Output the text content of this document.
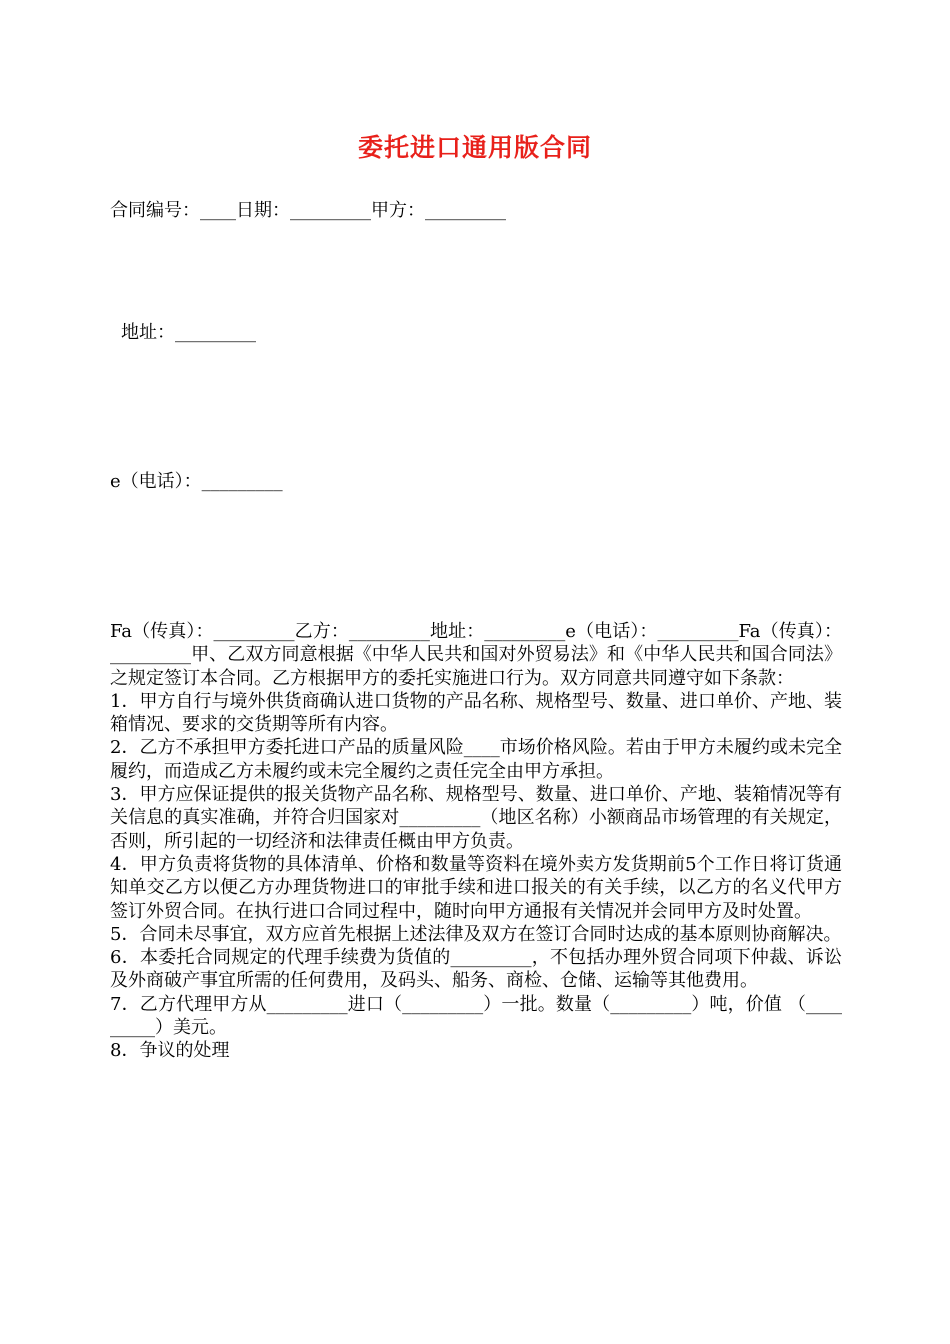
委托进口通用版合同
合同编号：____日期：_________甲方：_________
地址：_________
e（电话）：_________

Fa（传真）：_________乙方：_________地址：_________e（电话）：_________Fa（传真）：_________甲、乙双方同意根据《中华人民共和国对外贸易法》和《中华人民共和国合同法》之规定签订本合同。乙方根据甲方的委托实施进口行为。双方同意共同遵守如下条款：

1．甲方自行与境外供货商确认进口货物的产品名称、规格型号、数量、进口单价、产地、装箱情况、要求的交货期等所有内容。

2．乙方不承担甲方委托进口产品的质量风险____市场价格风险。若由于甲方未履约或未完全履约，而造成乙方未履约或未完全履约之责任完全由甲方承担。

3．甲方应保证提供的报关货物产品名称、规格型号、数量、进口单价、产地、装箱情况等有关信息的真实准确，并符合归国家对_________（地区名称）小额商品市场管理的有关规定，否则，所引起的一切经济和法律责任概由甲方负责。

4．甲方负责将货物的具体清单、价格和数量等资料在境外卖方发货期前5个工作日将订货通知单交乙方以便乙方办理货物进口的审批手续和进口报关的有关手续，以乙方的名义代甲方签订外贸合同。在执行进口合同过程中，随时向甲方通报有关情况并会同甲方及时处置。

5．合同未尽事宜，双方应首先根据上述法律及双方在签订合同时达成的基本原则协商解决。

6．本委托合同规定的代理手续费为货值的_________，不包括办理外贸合同项下仲裁、诉讼及外商破产事宜所需的任何费用，及码头、船务、商检、仓储、运输等其他费用。

7．乙方代理甲方从_________进口（_________）一批。数量（_________）吨，价值 （_________）美元。

8．争议的处理
